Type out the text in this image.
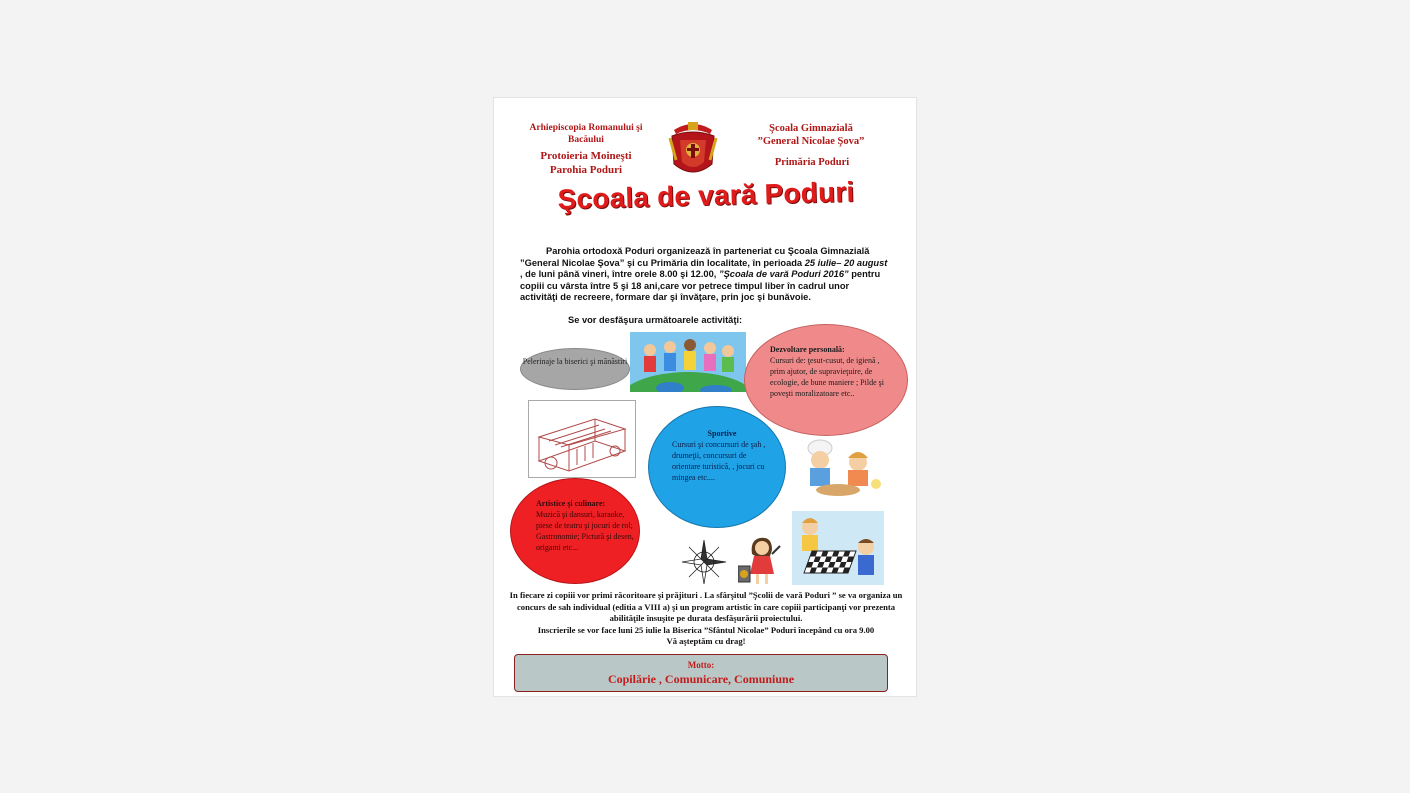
Arhiepiscopia Romanului şi Bacăului
Protoieria Moineşti
Parohia Poduri
Şcoala Gimnazială
”General Nicolae Şova”
Primăria Poduri
Şcoala de vară Poduri

Parohia ortodoxă Poduri organizează în parteneriat cu Şcoala Gimnazială ”General Nicolae Şova” şi cu Primăria din localitate, în perioada 25 iulie– 20 august , de luni până vineri, între orele 8.00 şi 12.00, ”Şcoala de vară Poduri 2016” pentru copiii cu vârsta între 5 şi 18 ani,care vor petrece timpul liber în cadrul unor activităţi de recreere, formare dar şi învăţare, prin joc şi bunăvoie.

Se vor desfăşura următoarele activităţi:
Pelerinaje la biserici şi mănăstiri
Dezvoltare personală:
Cursuri de: ţesut-cusut, de igienă , prim ajutor, de supravieţuire, de ecologie, de bune maniere ; Pilde şi poveşti moralizatoare etc..
Sportive
Cursuri şi concursuri de şah , drumeţii, concursuri de orientare turistică, , jocuri cu mingea etc....
Artistice şi culinare:
Muzică şi dansuri, karaoke, piese de teatru şi jocuri de rol; Gastronomie; Pictură şi desen, origami etc...

In fiecare zi copiii vor primi răcoritoare şi prăjituri . La sfârşitul ”Şcolii de vară Poduri ” se va organiza un concurs de sah individual (editia a VIII a) şi un program artistic în care copiii participanţi vor prezenta abilităţile însuşite pe durata desfăşurării proiectului.
Inscrierile se vor face luni 25 iulie la Biserica ”Sfântul Nicolae” Poduri începând cu ora 9.00
Vă aşteptăm cu drag!

Motto:
Copilărie , Comunicare, Comuniune
